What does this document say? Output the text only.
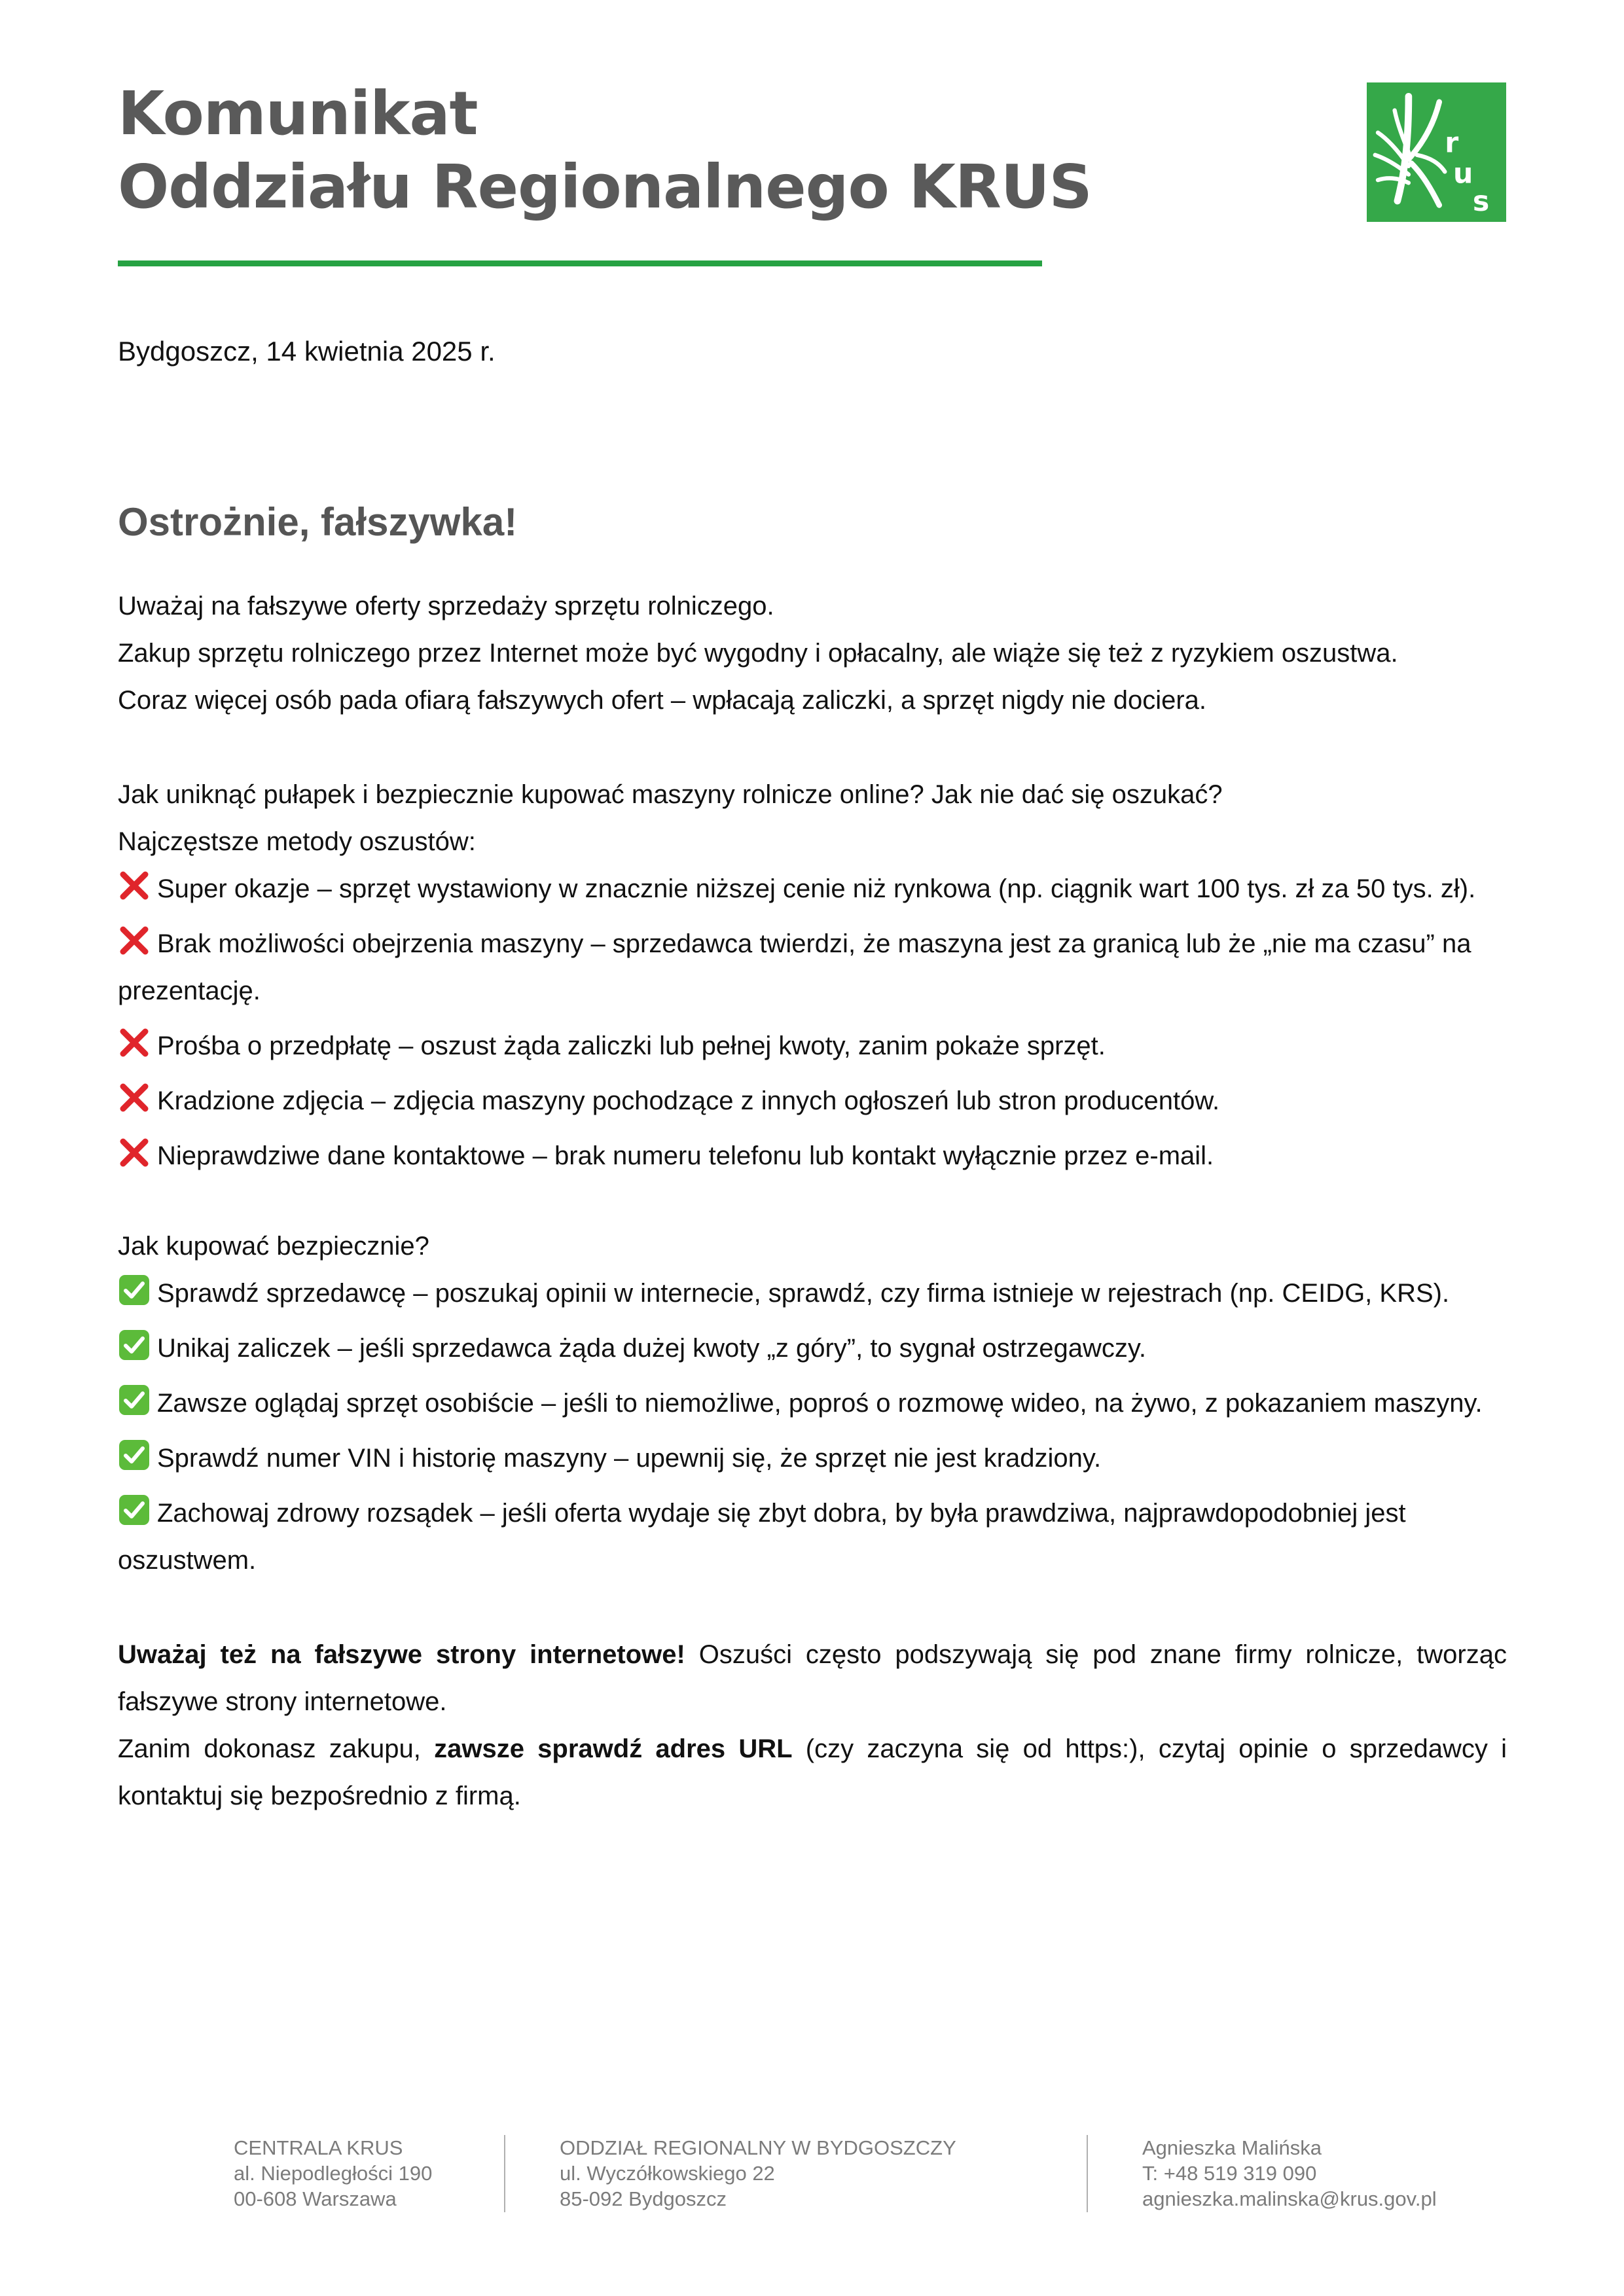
Komunikat
Oddziału Regionalnego KRUS
r
u
s
Bydgoszcz, 14 kwietnia 2025 r.
Ostrożnie, fałszywka!

Uważaj na fałszywe oferty sprzedaży sprzętu rolniczego.

Zakup sprzętu rolniczego przez Internet może być wygodny i opłacalny, ale wiąże się też z ryzykiem oszustwa.

Coraz więcej osób pada ofiarą fałszywych ofert – wpłacają zaliczki, a sprzęt nigdy nie dociera.

Jak uniknąć pułapek i bezpiecznie kupować maszyny rolnicze online? Jak nie dać się oszukać?

Najczęstsze metody oszustów:

Super okazje – sprzęt wystawiony w znacznie niższej cenie niż rynkowa (np. ciągnik wart 100 tys. zł za 50 tys. zł).
Brak możliwości obejrzenia maszyny – sprzedawca twierdzi, że maszyna jest za granicą lub że „nie ma czasu” na prezentację.
Prośba o przedpłatę – oszust żąda zaliczki lub pełnej kwoty, zanim pokaże sprzęt.
Kradzione zdjęcia – zdjęcia maszyny pochodzące z innych ogłoszeń lub stron producentów.
Nieprawdziwe dane kontaktowe – brak numeru telefonu lub kontakt wyłącznie przez e-mail.

Jak kupować bezpiecznie?

Sprawdź sprzedawcę – poszukaj opinii w internecie, sprawdź, czy firma istnieje w rejestrach (np. CEIDG, KRS).
Unikaj zaliczek – jeśli sprzedawca żąda dużej kwoty „z góry”, to sygnał ostrzegawczy.
Zawsze oglądaj sprzęt osobiście – jeśli to niemożliwe, poproś o rozmowę wideo, na żywo, z pokazaniem maszyny.
Sprawdź numer VIN i historię maszyny – upewnij się, że sprzęt nie jest kradziony.
Zachowaj zdrowy rozsądek – jeśli oferta wydaje się zbyt dobra, by była prawdziwa, najprawdopodobniej jest oszustwem.

Uważaj też na fałszywe strony internetowe! Oszuści często podszywają się pod znane firmy rolnicze, tworząc fałszywe strony internetowe.

Zanim dokonasz zakupu, zawsze sprawdź adres URL (czy zaczyna się od https:), czytaj opinie o sprzedawcy i kontaktuj się bezpośrednio z firmą.

CENTRALA KRUS
al. Niepodległości 190
00-608 Warszawa
ODDZIAŁ REGIONALNY W BYDGOSZCZY
ul. Wyczółkowskiego 22
85-092 Bydgoszcz
Agnieszka Malińska
T: +48 519 319 090
agnieszka.malinska@krus.gov.pl
